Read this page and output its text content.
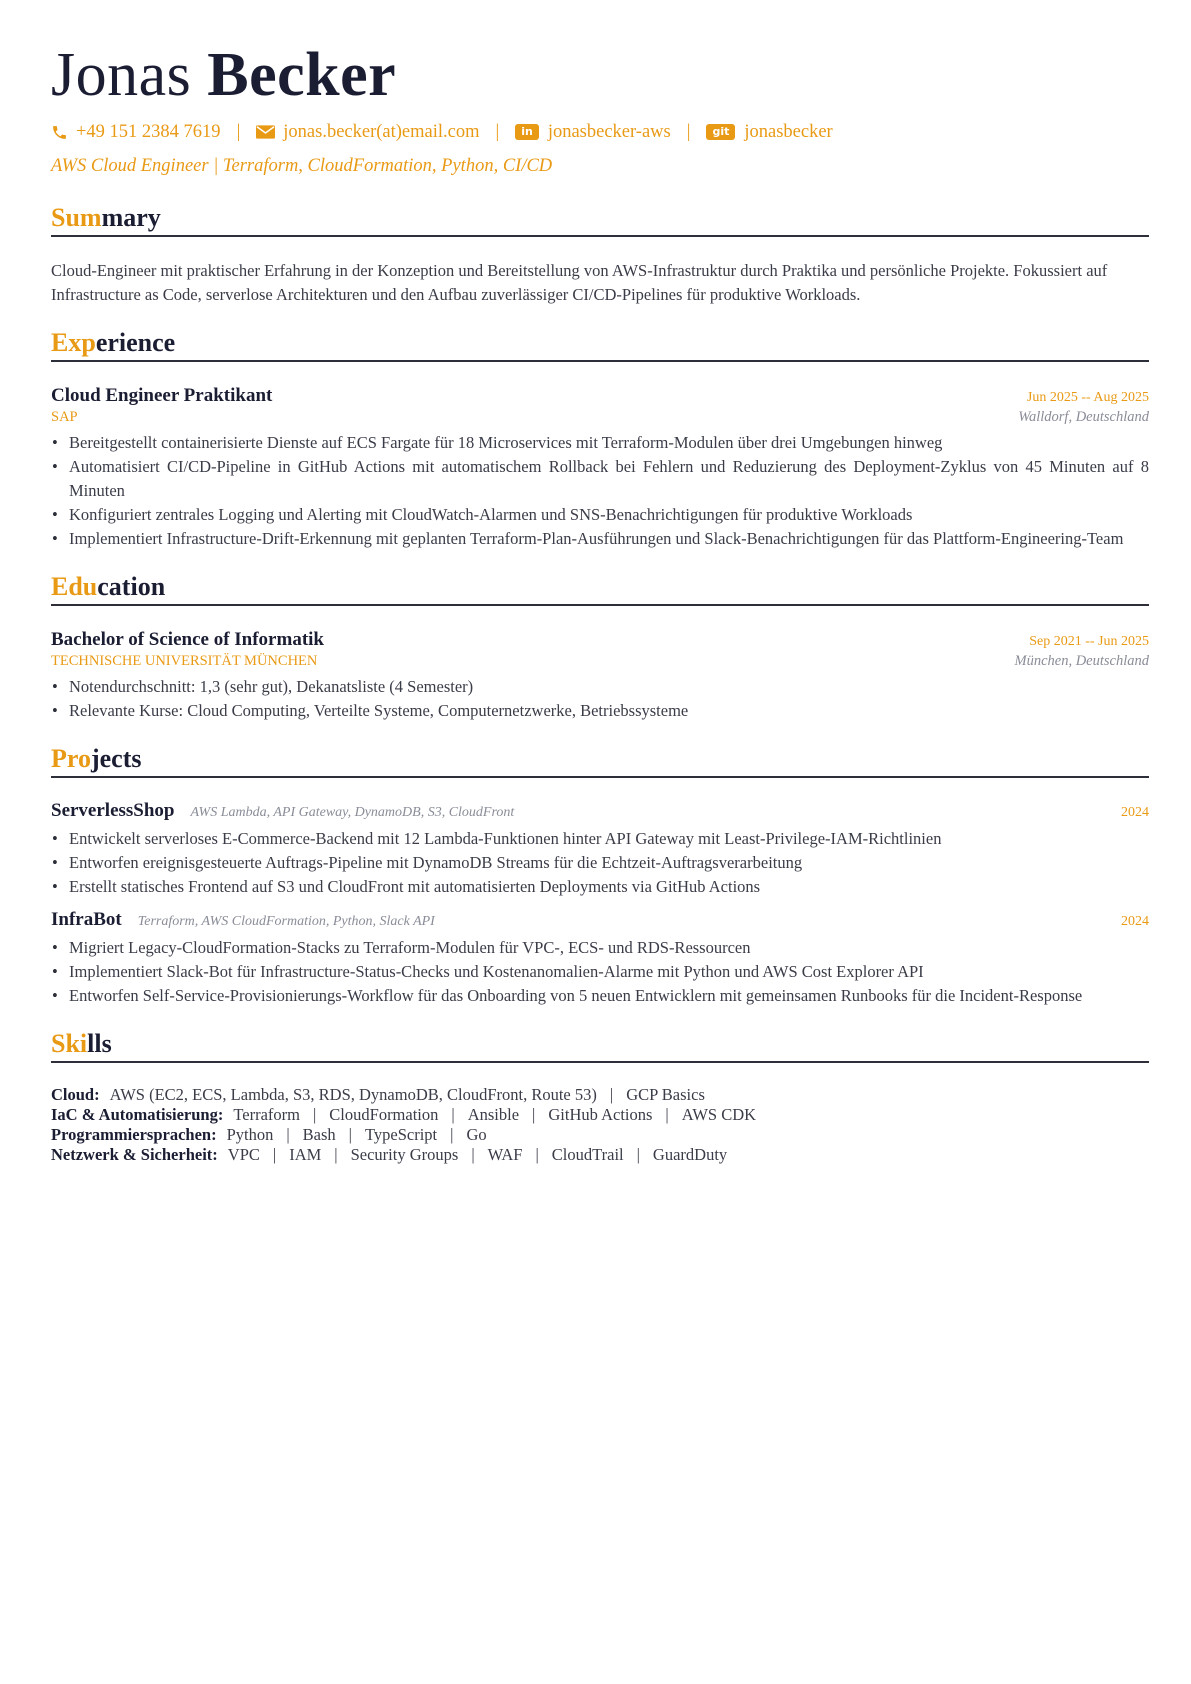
Jonas Becker
+49 151 2384 7619 | jonas.becker(at)email.com |	in jonasbecker-aws |	git jonasbecker
AWS Cloud Engineer | Terraform, CloudFormation, Python, CI/CD
Summary
Cloud-Engineer mit praktischer Erfahrung in der Konzeption und Bereitstellung von AWS-Infrastruktur durch Praktika und persönliche Projekte. Fokussiert auf Infrastructure as Code, serverlose Architekturen und den Aufbau zuverlässiger CI/CD-Pipelines für produktive Workloads.
Experience
Cloud Engineer Praktikant	Jun 2025 -- Aug 2025
SAP	Walldorf, Deutschland
• Bereitgestellt containerisierte Dienste auf ECS Fargate für 18 Microservices mit Terraform-Modulen über drei Umgebungen hinweg
• Automatisiert CI/CD-Pipeline in GitHub Actions mit automatischem Rollback bei Fehlern und Reduzierung des Deployment-Zyklus von 45 Minuten auf 8 Minuten
• Konfiguriert zentrales Logging und Alerting mit CloudWatch-Alarmen und SNS-Benachrichtigungen für produktive Workloads
• Implementiert Infrastructure-Drift-Erkennung mit geplanten Terraform-Plan-Ausführungen und Slack-Benachrichtigungen für das Plattform-Engineering-Team
Education
Bachelor of Science of Informatik	Sep 2021 -- Jun 2025
TECHNISCHE UNIVERSITÄT MÜNCHEN	München, Deutschland
• Notendurchschnitt: 1,3 (sehr gut), Dekanatsliste (4 Semester)
• Relevante Kurse: Cloud Computing, Verteilte Systeme, Computernetzwerke, Betriebssysteme
Projects
ServerlessShop AWS Lambda, API Gateway, DynamoDB, S3, CloudFront	2024
• Entwickelt serverloses E-Commerce-Backend mit 12 Lambda-Funktionen hinter API Gateway mit Least-Privilege-IAM-Richtlinien
• Entworfen ereignisgesteuerte Auftrags-Pipeline mit DynamoDB Streams für die Echtzeit-Auftragsverarbeitung
• Erstellt statisches Frontend auf S3 und CloudFront mit automatisierten Deployments via GitHub Actions
InfraBot Terraform, AWS CloudFormation, Python, Slack API	2024
• Migriert Legacy-CloudFormation-Stacks zu Terraform-Modulen für VPC-, ECS- und RDS-Ressourcen
• Implementiert Slack-Bot für Infrastructure-Status-Checks und Kostenanomalien-Alarme mit Python und AWS Cost Explorer API
• Entworfen Self-Service-Provisionierungs-Workflow für das Onboarding von 5 neuen Entwicklern mit gemeinsamen Runbooks für die Incident-Response
Skills
Cloud: AWS (EC2, ECS, Lambda, S3, RDS, DynamoDB, CloudFront, Route 53) | GCP Basics
IaC & Automatisierung: Terraform | CloudFormation | Ansible | GitHub Actions | AWS CDK
Programmiersprachen: Python | Bash | TypeScript | Go
Netzwerk & Sicherheit: VPC | IAM | Security Groups | WAF | CloudTrail | GuardDuty
